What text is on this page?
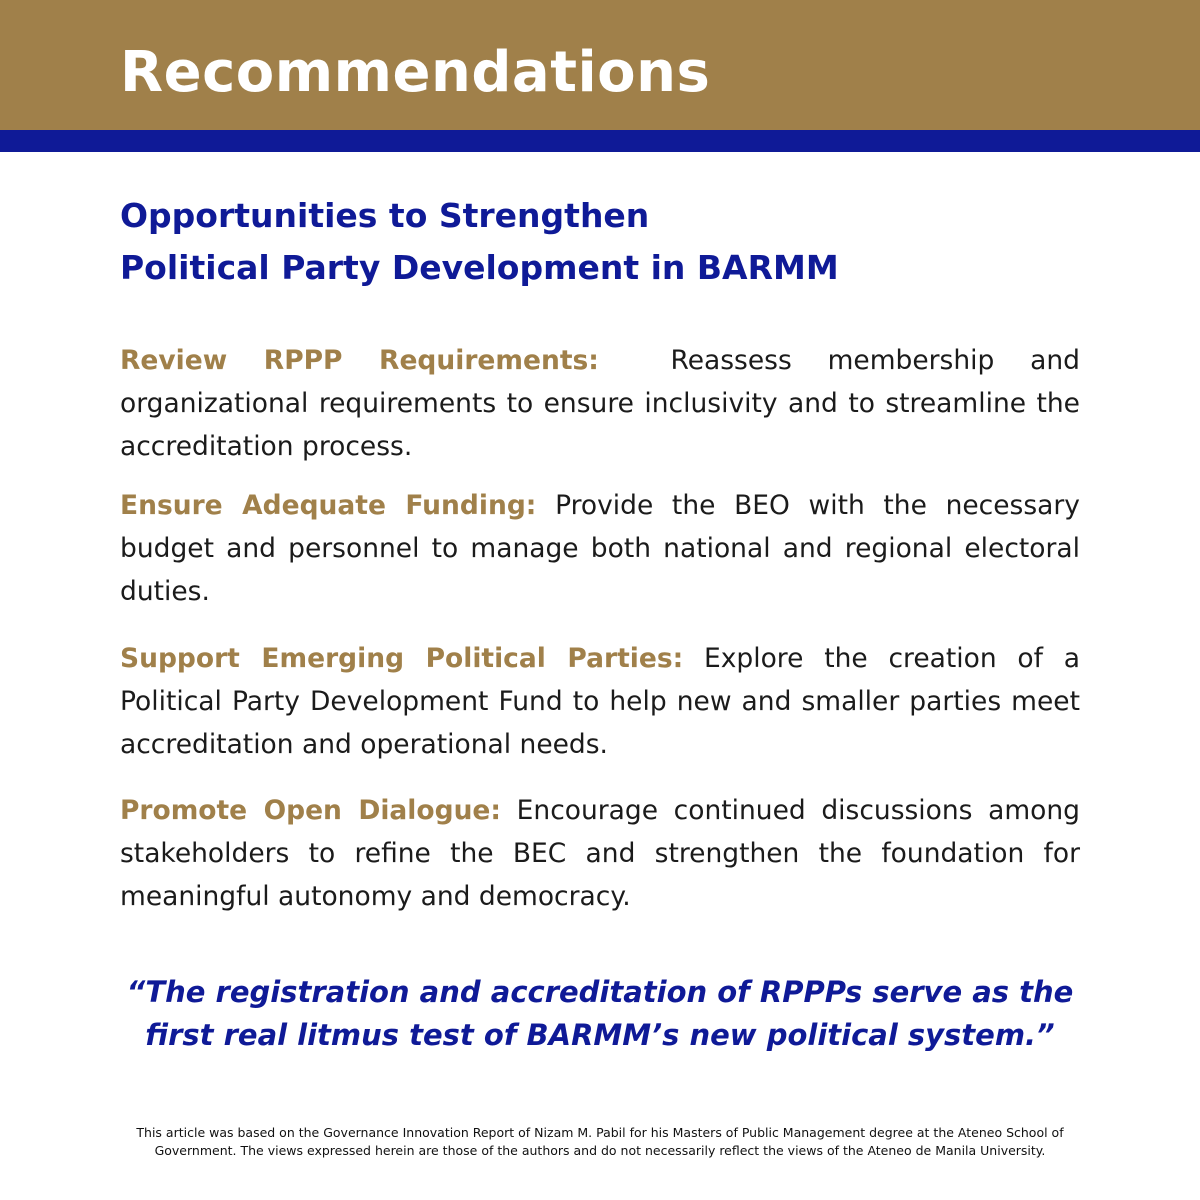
Recommendations
Opportunities to Strengthen
Political Party Development in BARMM
Review RPPP Requirements:	Reassess membership and organizational requirements to ensure inclusivity and to streamline the accreditation process.
Ensure Adequate Funding: Provide the BEO with the necessary budget and personnel to manage both national and regional electoral duties.
Support Emerging Political Parties: Explore the creation of a Political Party Development Fund to help new and smaller parties meet accreditation and operational needs.
Promote Open Dialogue: Encourage continued discussions among stakeholders to refine the BEC and strengthen the foundation for meaningful autonomy and democracy.
“The registration and accreditation of RPPPs serve as the
first real litmus test of BARMM’s new political system.”
This article was based on the Governance Innovation Report of Nizam M. Pabil for his Masters of Public Management degree at the Ateneo School of
Government. The views expressed herein are those of the authors and do not necessarily reflect the views of the Ateneo de Manila University.
